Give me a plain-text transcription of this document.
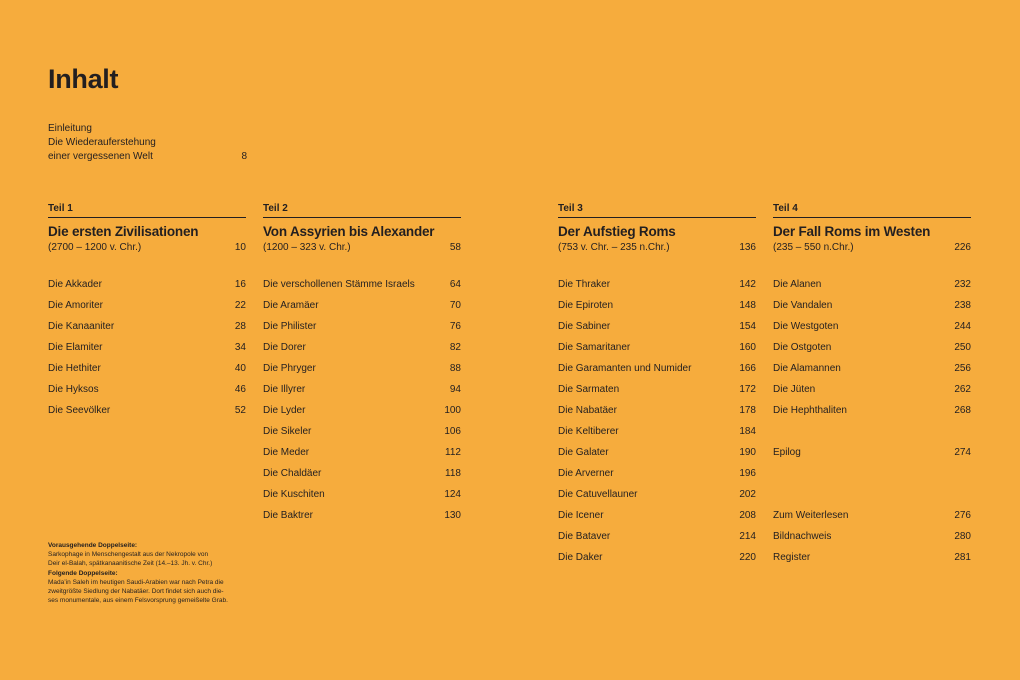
Inhalt
Einleitung
Die Wiederauferstehung
einer vergessenen Welt	8
Teil 1
Die ersten Zivilisationen
(2700 – 1200 v. Chr.)	10
Die Akkader	16
Die Amoriter	22
Die Kanaaniter	28
Die Elamiter	34
Die Hethiter	40
Die Hyksos	46
Die Seevölker	52
Teil 2
Von Assyrien bis Alexander
(1200 – 323 v. Chr.)	58
Die verschollenen Stämme Israels	64
Die Aramäer	70
Die Philister	76
Die Dorer	82
Die Phryger	88
Die Illyrer	94
Die Lyder	100
Die Sikeler	106
Die Meder	112
Die Chaldäer	118
Die Kuschiten	124
Die Baktrer	130
Teil 3
Der Aufstieg Roms
(753 v. Chr. – 235 n.Chr.)	136
Die Thraker	142
Die Epiroten	148
Die Sabiner	154
Die Samaritaner	160
Die Garamanten und Numider	166
Die Sarmaten	172
Die Nabatäer	178
Die Keltiberer	184
Die Galater	190
Die Arverner	196
Die Catuvellauner	202
Die Icener	208
Die Bataver	214
Die Daker	220
Teil 4
Der Fall Roms im Westen
(235 – 550 n.Chr.)	226
Die Alanen	232
Die Vandalen	238
Die Westgoten	244
Die Ostgoten	250
Die Alamannen	256
Die Jüten	262
Die Hephthaliten	268
Epilog	274
Zum Weiterlesen	276
Bildnachweis	280
Register	281

Vorausgehende Doppelseite:

Sarkophage in Menschengestalt aus der Nekropole von

Deir el-Balah, spätkanaanitische Zeit (14.–13. Jh. v. Chr.)

Folgende Doppelseite:

Mada’in Saleh im heutigen Saudi-Arabien war nach Petra die

zweitgrößte Siedlung der Nabatäer. Dort findet sich auch die-

ses monumentale, aus einem Felsvorsprung gemeißelte Grab.
